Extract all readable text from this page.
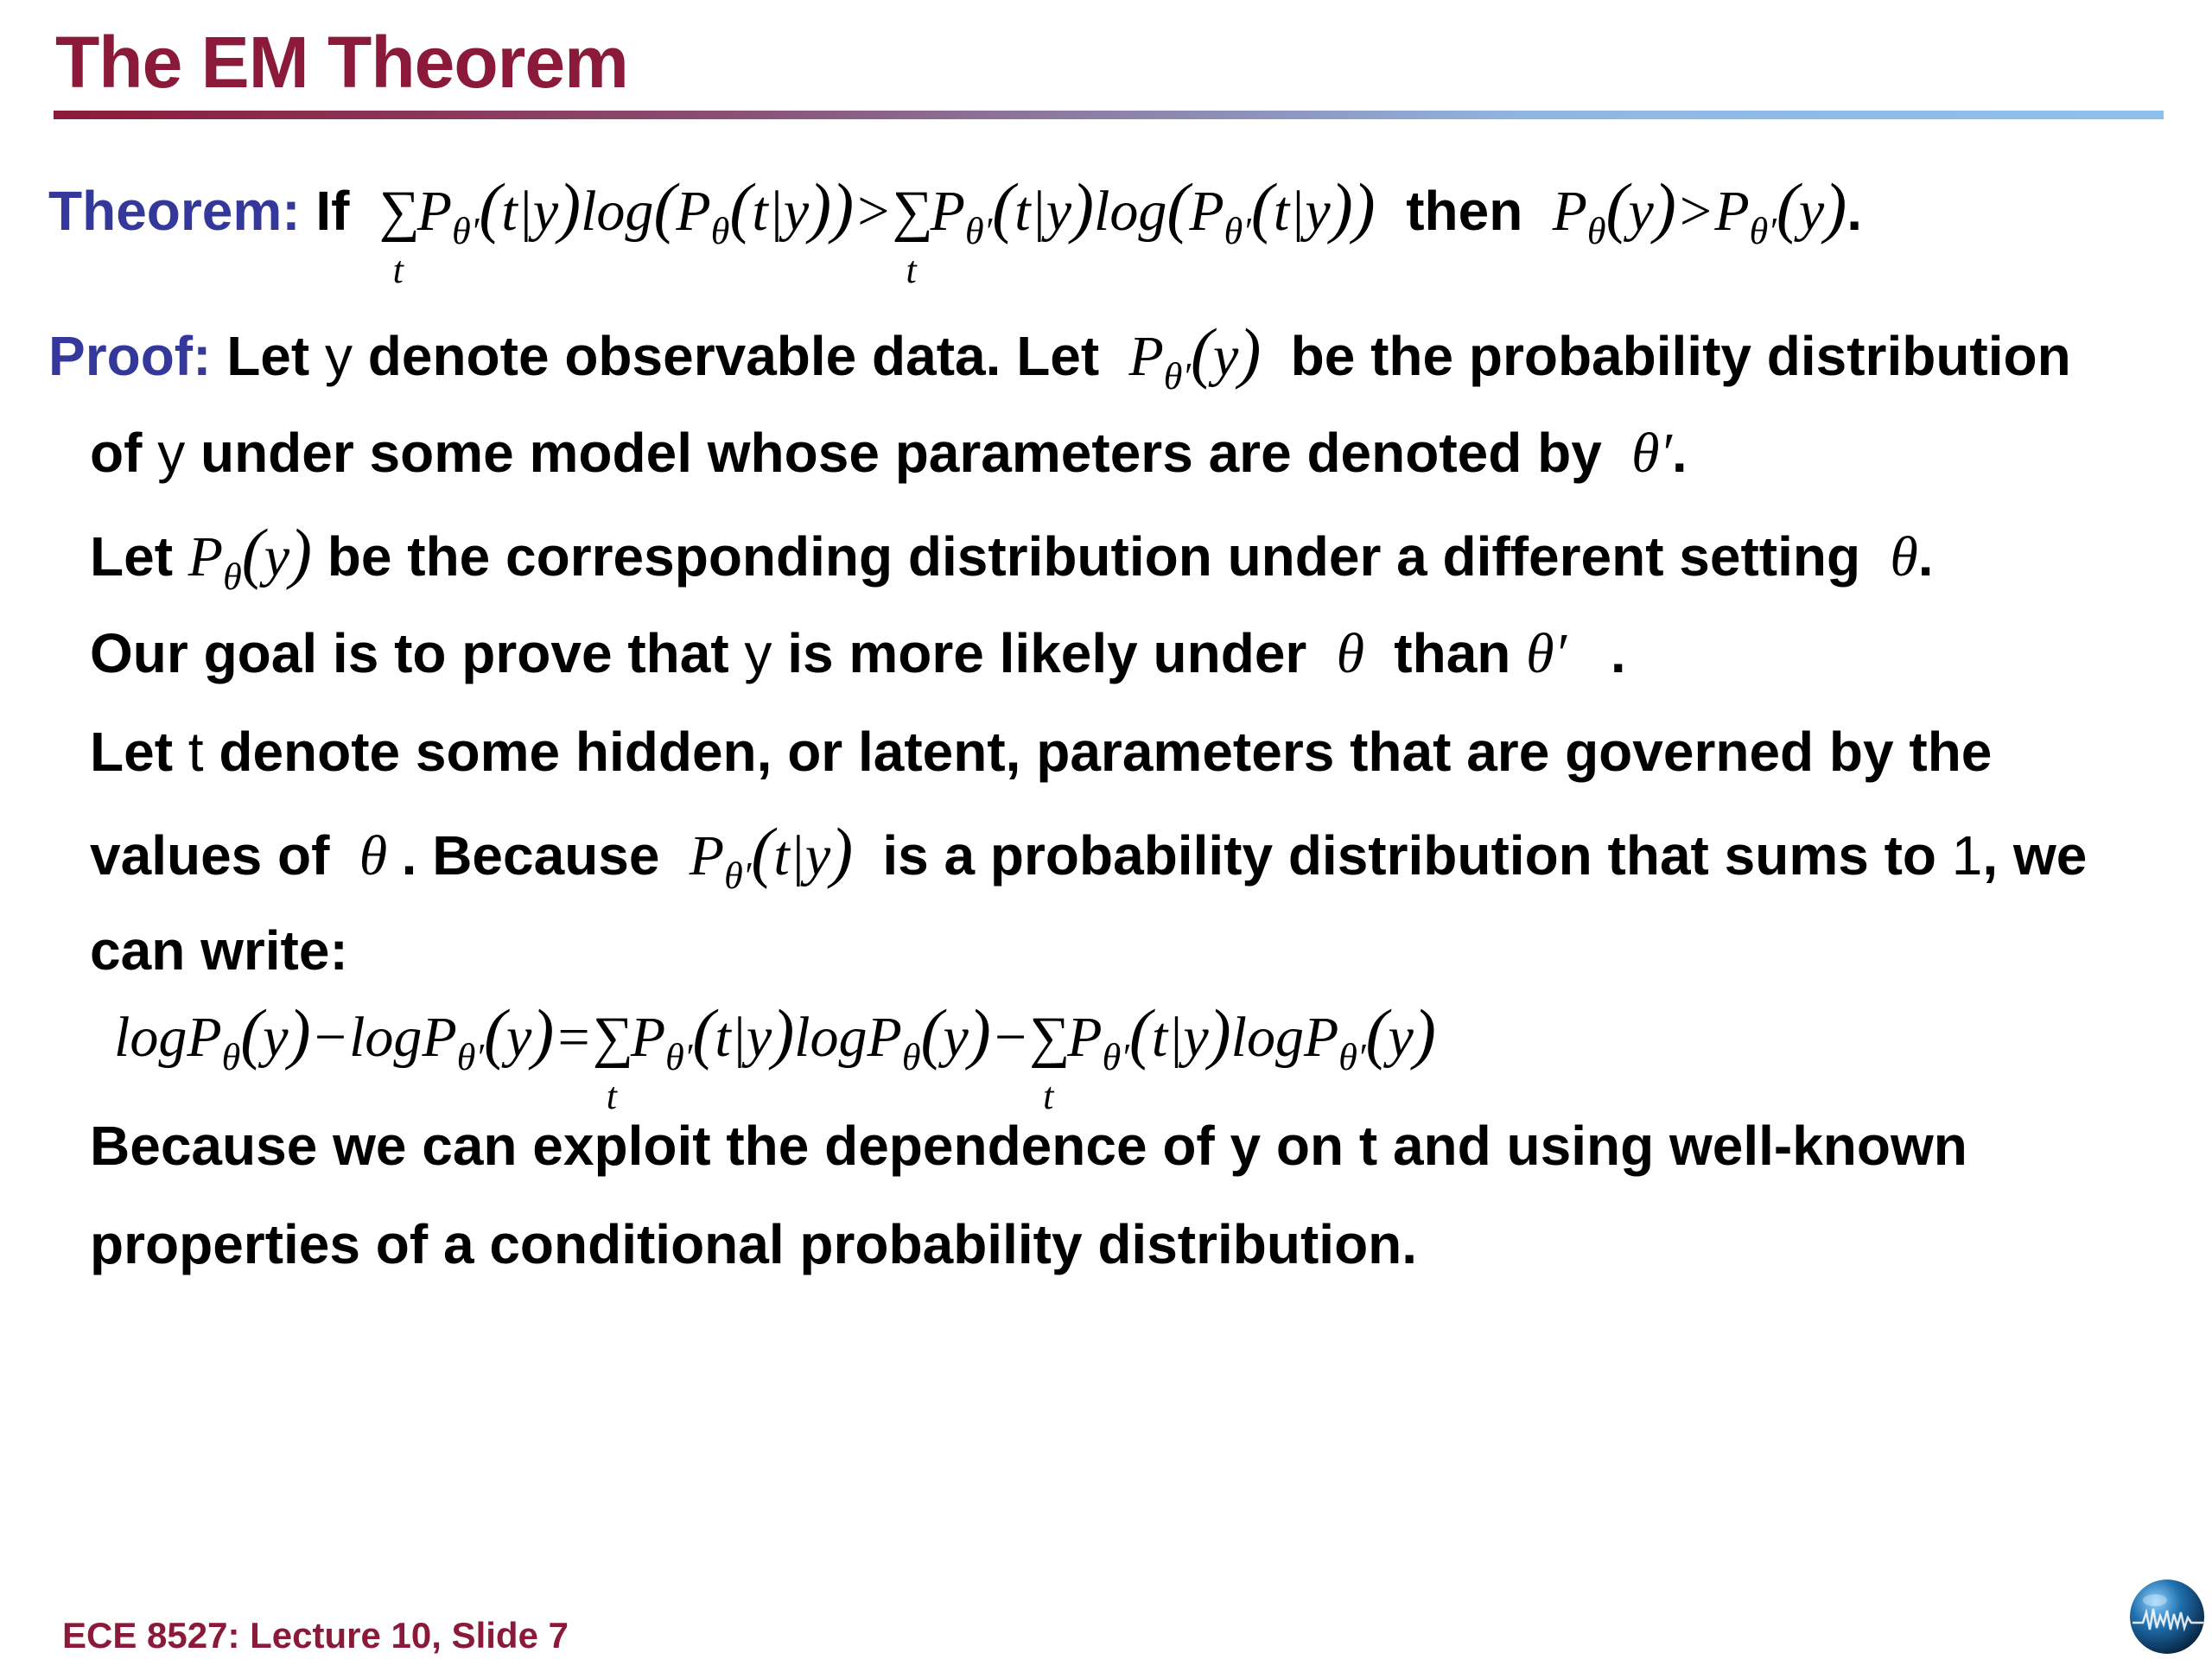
The EM Theorem
Theorem: If ∑
t
$P_{\theta'}(t|y)\log(P_\theta(t|y))>\sum$
t
$P_{\theta'}(t|y)\log(P_{\theta'}(t|y))$ then  $P_\theta(y)>P_{\theta'}(y)$.
Proof: Let y denote observable data. Let  $P_{\theta'}(y)$ be the probability distribution
of y under some model whose parameters are denoted by  θ′.
Let $P_\theta(y)$ be the corresponding distribution under a different setting  θ.
Our goal is to prove that y is more likely under  θ  than θ′   .
Let t denote some hidden, or latent, parameters that are governed by the
values of  θ . Because  $P_{\theta'}(t|y)$ is a probability distribution that sums to 1, we
can write:
logP$_\theta$(y)−logP$_{\theta'}$(y)=∑
t
$P_{\theta'}(t|y)\log P_\theta(y)-\sum$
t
$P_{\theta'}(t|y)\log P_{\theta'}(y)$
Because we can exploit the dependence of y on t and using well-known
properties of a conditional probability distribution.
ECE 8527: Lecture 10, Slide 7
